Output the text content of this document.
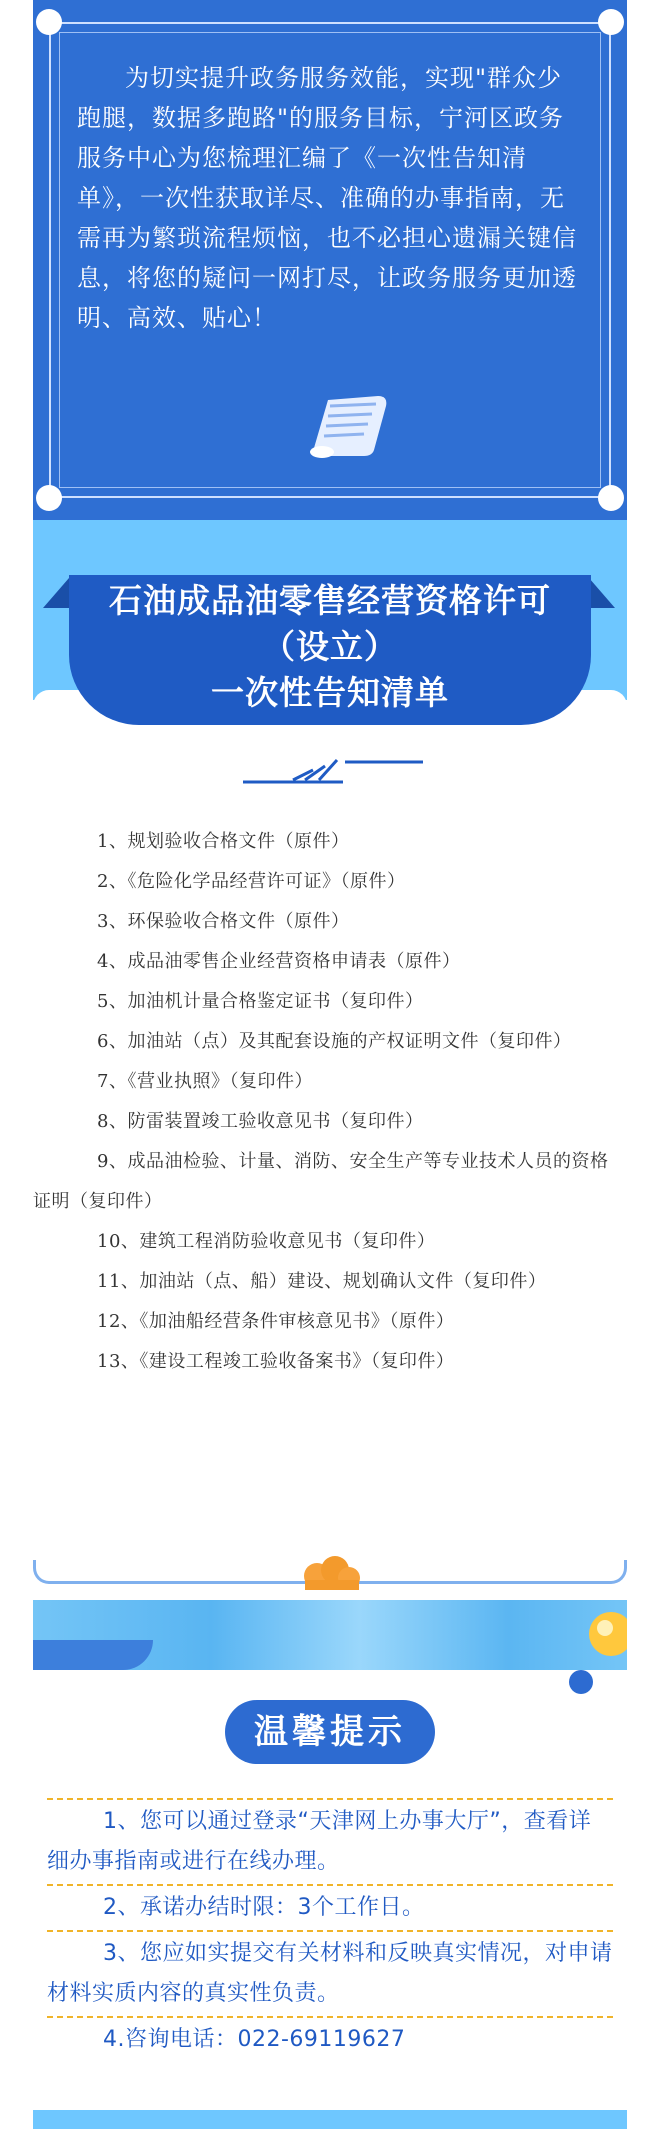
为切实提升政务服务效能，实现"群众少跑腿，数据多跑路"的服务目标，宁河区政务服务中心为您梳理汇编了《一次性告知清单》，一次性获取详尽、准确的办事指南，无需再为繁琐流程烦恼，也不必担心遗漏关键信息，将您的疑问一网打尽，让政务服务更加透明、高效、贴心！

石油成品油零售经营资格许可
（设立）
一次性告知清单
1、规划验收合格文件（原件）
2、《危险化学品经营许可证》（原件）
3、环保验收合格文件（原件）
4、成品油零售企业经营资格申请表（原件）
5、加油机计量合格鉴定证书（复印件）
6、加油站（点）及其配套设施的产权证明文件（复印件）
7、《营业执照》（复印件）
8、防雷装置竣工验收意见书（复印件）
9、成品油检验、计量、消防、安全生产等专业技术人员的资格证明（复印件）
10、建筑工程消防验收意见书（复印件）
11、加油站（点、船）建设、规划确认文件（复印件）
12、《加油船经营条件审核意见书》（原件）
13、《建设工程竣工验收备案书》（复印件）
温馨提示
1、您可以通过登录“天津网上办事大厅”，查看详细办事指南或进行在线办理。
2、承诺办结时限：3个工作日。
3、您应如实提交有关材料和反映真实情况，对申请材料实质内容的真实性负责。
4.咨询电话：022-69119627
